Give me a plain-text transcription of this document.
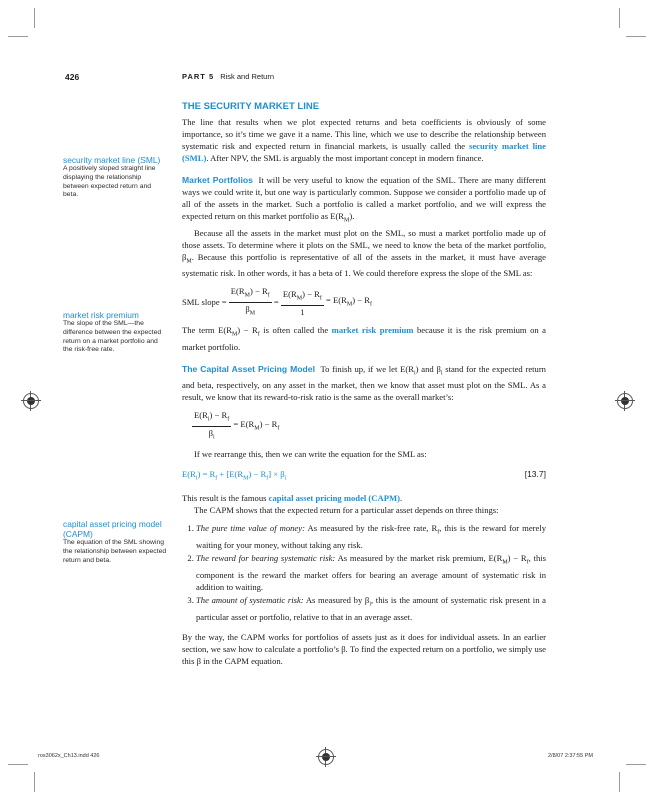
426	PART 5 Risk and Return
THE SECURITY MARKET LINE
security market line (SML)
A positively sloped straight line displaying the relationship between expected return and beta.
market risk premium
The slope of the SML—the difference between the expected return on a market portfolio and the risk-free rate.
capital asset pricing model (CAPM)
The equation of the SML showing the relationship between expected return and beta.

The line that results when we plot expected returns and beta coefficients is obviously of some importance, so it’s time we gave it a name. This line, which we use to describe the relationship between systematic risk and expected return in financial markets, is usually called the security market line (SML). After NPV, the SML is arguably the most important concept in modern finance.

Market Portfolios It will be very useful to know the equation of the SML. There are many different ways we could write it, but one way is particularly common. Suppose we consider a portfolio made up of all of the assets in the market. Such a portfolio is called a market portfolio, and we will express the expected return on this market portfolio as $E(R_M)$.

Because all the assets in the market must plot on the SML, so must a market portfolio made up of those assets. To determine where it plots on the SML, we need to know the beta of the market portfolio, $\beta_M$. Because this portfolio is representative of all of the assets in the market, it must have average systematic risk. In other words, it has a beta of 1. We could therefore express the slope of the SML as:

SML slope = $\frac{E(R_M) - R_f}{\beta_M} = \frac{E(R_M) - R_f}{1} = E(R_M) - R_f$

The term $E(R_M) - R_f$ is often called the market risk premium because it is the risk premium on a market portfolio.

The Capital Asset Pricing Model To finish up, if we let $E(R_i)$ and $\beta_i$ stand for the expected return and beta, respectively, on any asset in the market, then we know that asset must plot on the SML. As a result, we know that its reward-to-risk ratio is the same as the overall market’s:

$\frac{E(R_i) - R_f}{\beta_i} = E(R_M) - R_f$

If we rearrange this, then we can write the equation for the SML as:

$E(R_i) = R_f + [E(R_M) - R_f] \times \beta_i$	[13.7]

This result is the famous capital asset pricing model (CAPM).

The CAPM shows that the expected return for a particular asset depends on three things:

1. The pure time value of money: As measured by the risk-free rate, $R_f$, this is the reward for merely waiting for your money, without taking any risk.
2. The reward for bearing systematic risk: As measured by the market risk premium, $E(R_M) - R_f$, this component is the reward the market offers for bearing an average amount of systematic risk in addition to waiting.
3. The amount of systematic risk: As measured by $\beta_i$, this is the amount of systematic risk present in a particular asset or portfolio, relative to that in an average asset.

By the way, the CAPM works for portfolios of assets just as it does for individual assets. In an earlier section, we saw how to calculate a portfolio’s β. To find the expected return on a portfolio, we simply use this β in the CAPM equation.

ros3062x_Ch13.indd 426	2/8/07 2:37:55 PM
